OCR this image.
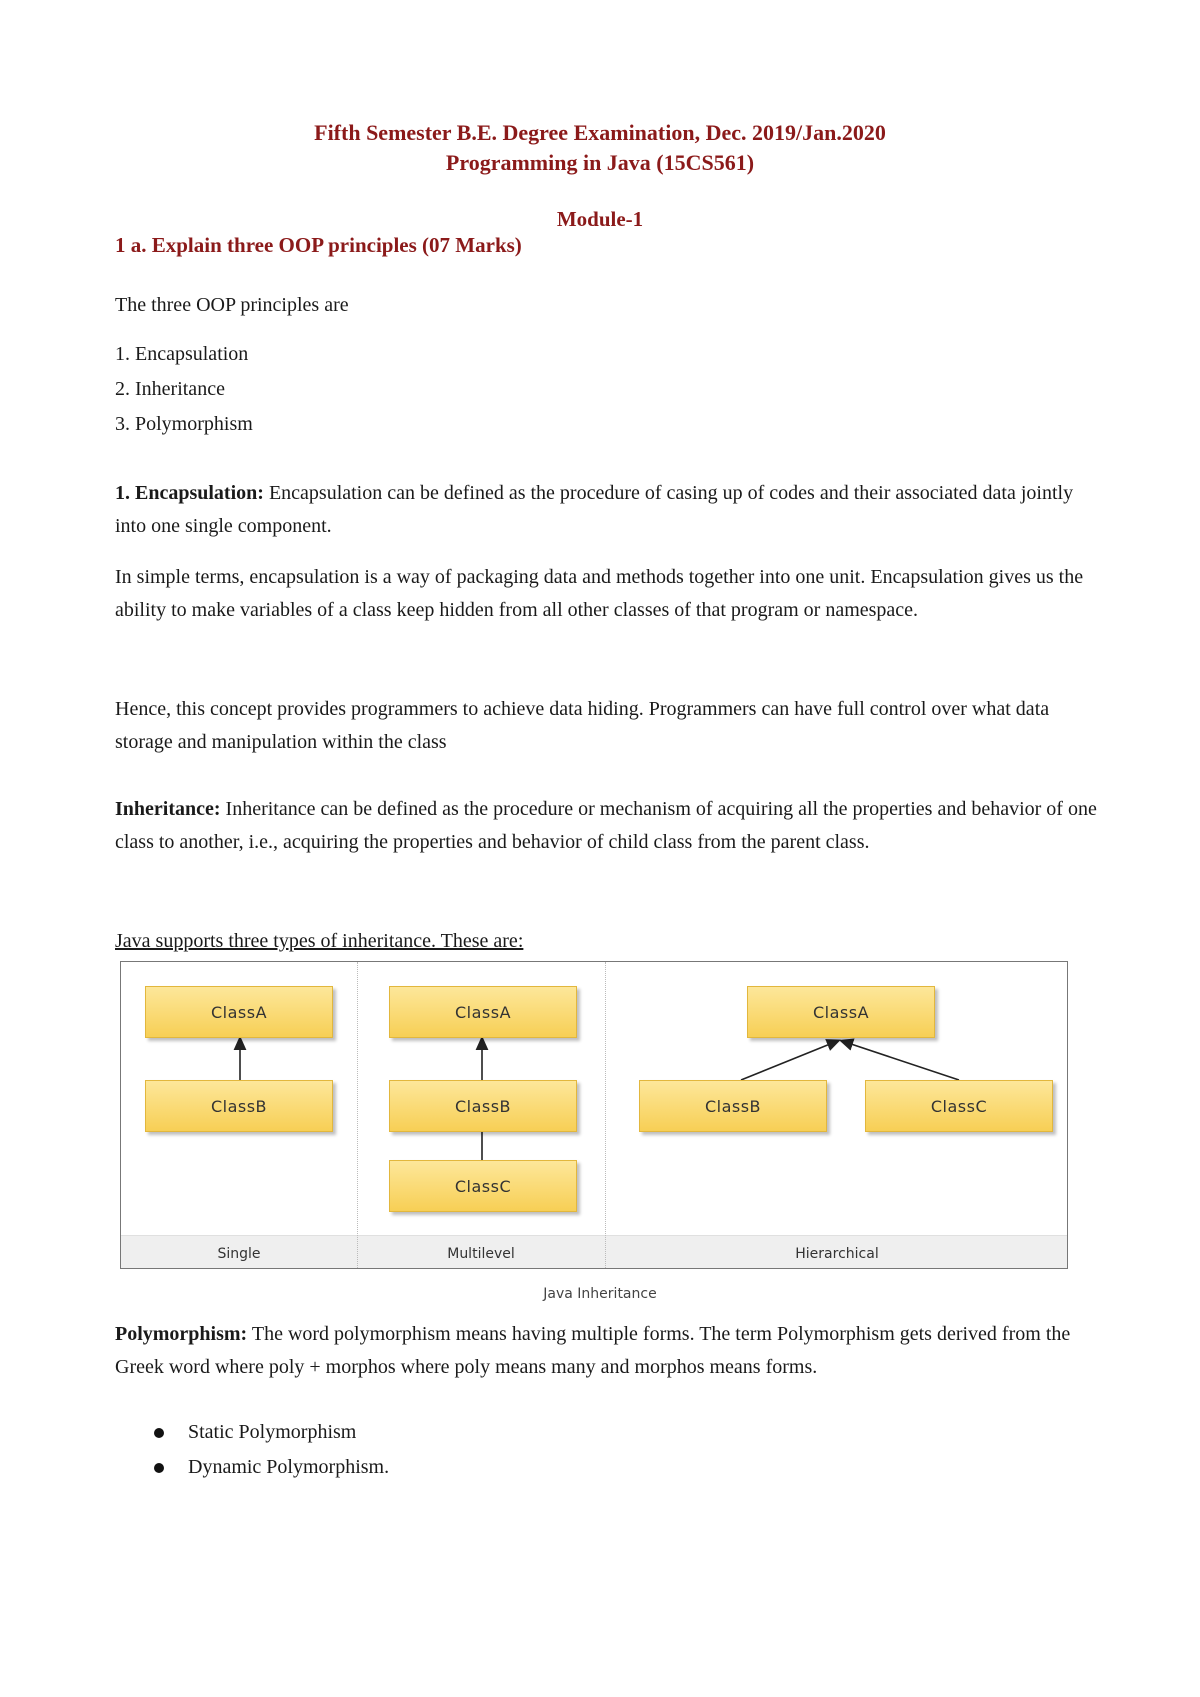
Fifth Semester B.E. Degree Examination, Dec. 2019/Jan.2020

Programming in Java (15CS561)

Module-1

1 a. Explain three OOP principles (07 Marks)
The three OOP principles are
1. Encapsulation
2. Inheritance
3. Polymorphism
1. Encapsulation: Encapsulation can be defined as the procedure of casing up of codes and their associated data jointly into one single component.
In simple terms, encapsulation is a way of packaging data and methods together into one unit. Encapsulation gives us the ability to make variables of a class keep hidden from all other classes of that program or namespace.
Hence, this concept provides programmers to achieve data hiding. Programmers can have full control over what data storage and manipulation within the class
Inheritance: Inheritance can be defined as the procedure or mechanism of acquiring all the properties and behavior of one class to another, i.e., acquiring the properties and behavior of child class from the parent class.
Java supports three types of inheritance. These are:
ClassA
ClassB
ClassA
ClassB
ClassC
ClassA
ClassB	ClassC
Single	Multilevel	Hierarchical
Java Inheritance
Polymorphism: The word polymorphism means having multiple forms. The term Polymorphism gets derived from the Greek word where poly + morphos where poly means many and morphos means forms.
Static Polymorphism
Dynamic Polymorphism.
